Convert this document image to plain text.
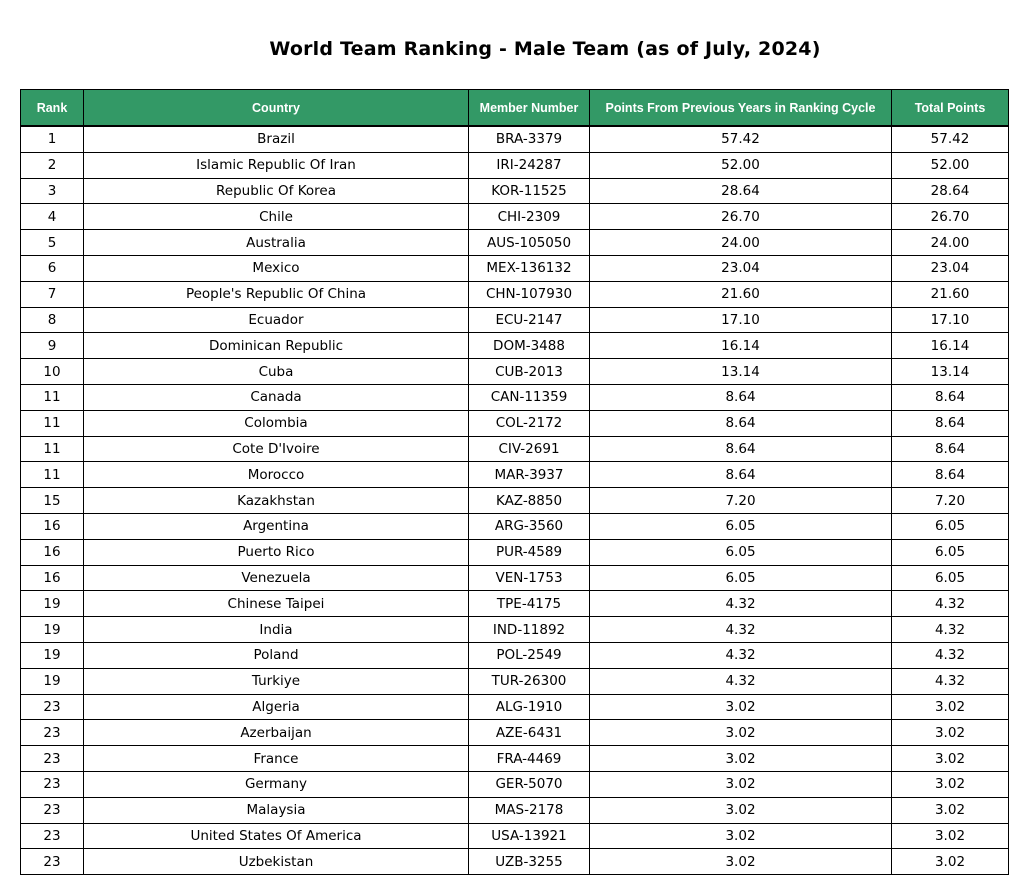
World Team Ranking - Male Team (as of July, 2024)
Rank	Country	Member Number	Points From Previous Years in Ranking Cycle	Total Points
1	Brazil	BRA-3379	57.42	57.42
2	Islamic Republic Of Iran	IRI-24287	52.00	52.00
3	Republic Of Korea	KOR-11525	28.64	28.64
4	Chile	CHI-2309	26.70	26.70
5	Australia	AUS-105050	24.00	24.00
6	Mexico	MEX-136132	23.04	23.04
7	People's Republic Of China	CHN-107930	21.60	21.60
8	Ecuador	ECU-2147	17.10	17.10
9	Dominican Republic	DOM-3488	16.14	16.14
10	Cuba	CUB-2013	13.14	13.14
11	Canada	CAN-11359	8.64	8.64
11	Colombia	COL-2172	8.64	8.64
11	Cote D'Ivoire	CIV-2691	8.64	8.64
11	Morocco	MAR-3937	8.64	8.64
15	Kazakhstan	KAZ-8850	7.20	7.20
16	Argentina	ARG-3560	6.05	6.05
16	Puerto Rico	PUR-4589	6.05	6.05
16	Venezuela	VEN-1753	6.05	6.05
19	Chinese Taipei	TPE-4175	4.32	4.32
19	India	IND-11892	4.32	4.32
19	Poland	POL-2549	4.32	4.32
19	Turkiye	TUR-26300	4.32	4.32
23	Algeria	ALG-1910	3.02	3.02
23	Azerbaijan	AZE-6431	3.02	3.02
23	France	FRA-4469	3.02	3.02
23	Germany	GER-5070	3.02	3.02
23	Malaysia	MAS-2178	3.02	3.02
23	United States Of America	USA-13921	3.02	3.02
23	Uzbekistan	UZB-3255	3.02	3.02
